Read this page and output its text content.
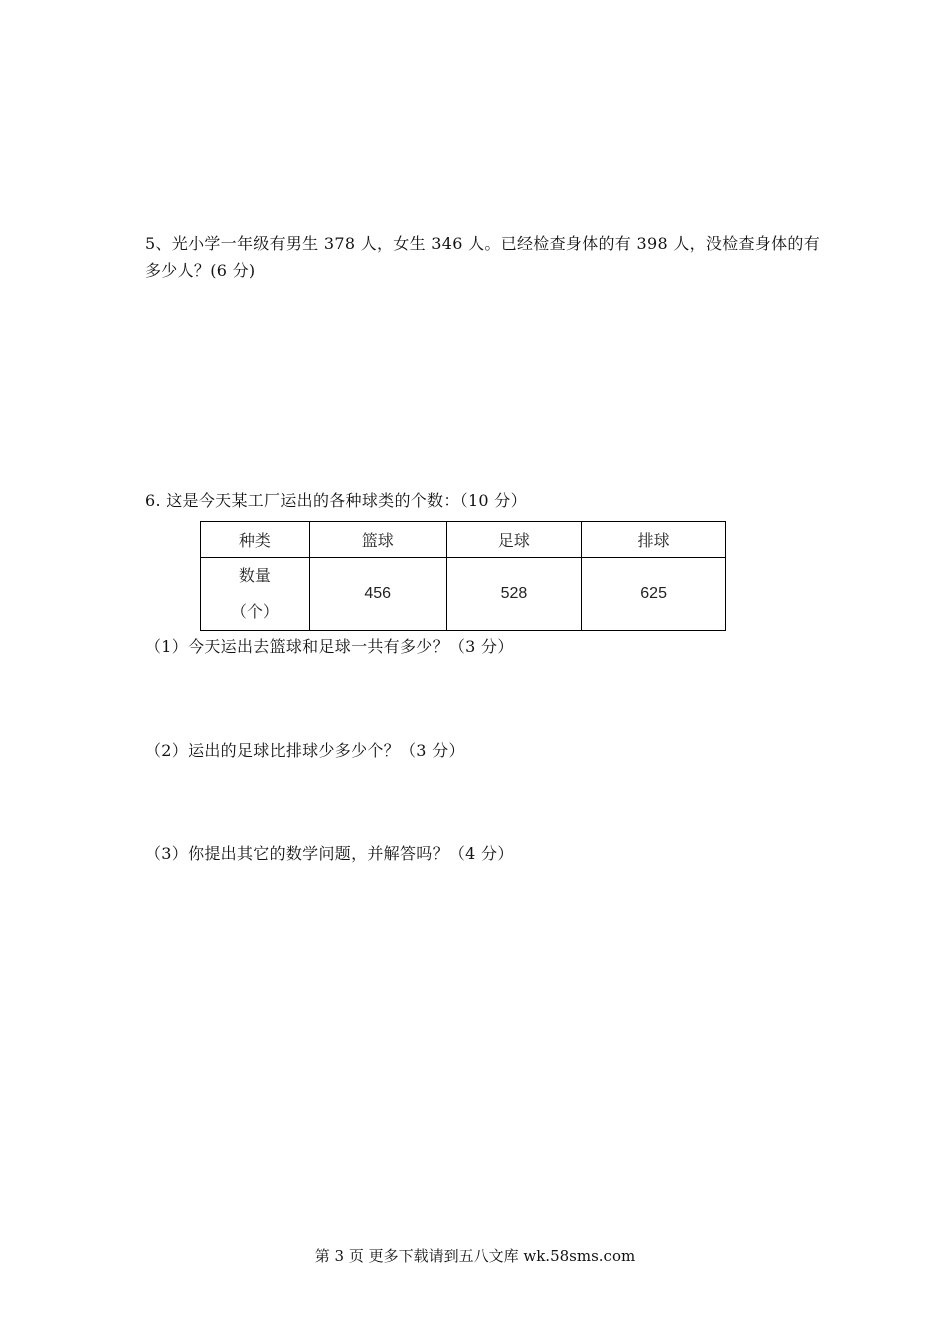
5、光小学一年级有男生 378 人，女生 346 人。已经检查身体的有 398 人，没检查身体的有
多少人？(6 分)
6. 这是今天某工厂运出的各种球类的个数：（10 分）
种类	篮球	足球	排球

数量
（个）	456	528	625
（1）今天运出去篮球和足球一共有多少？（3 分）
（2）运出的足球比排球少多少个？（3 分）
（3）你提出其它的数学问题，并解答吗？（4 分）
第 3 页 更多下载请到五八文库 wk.58sms.com
